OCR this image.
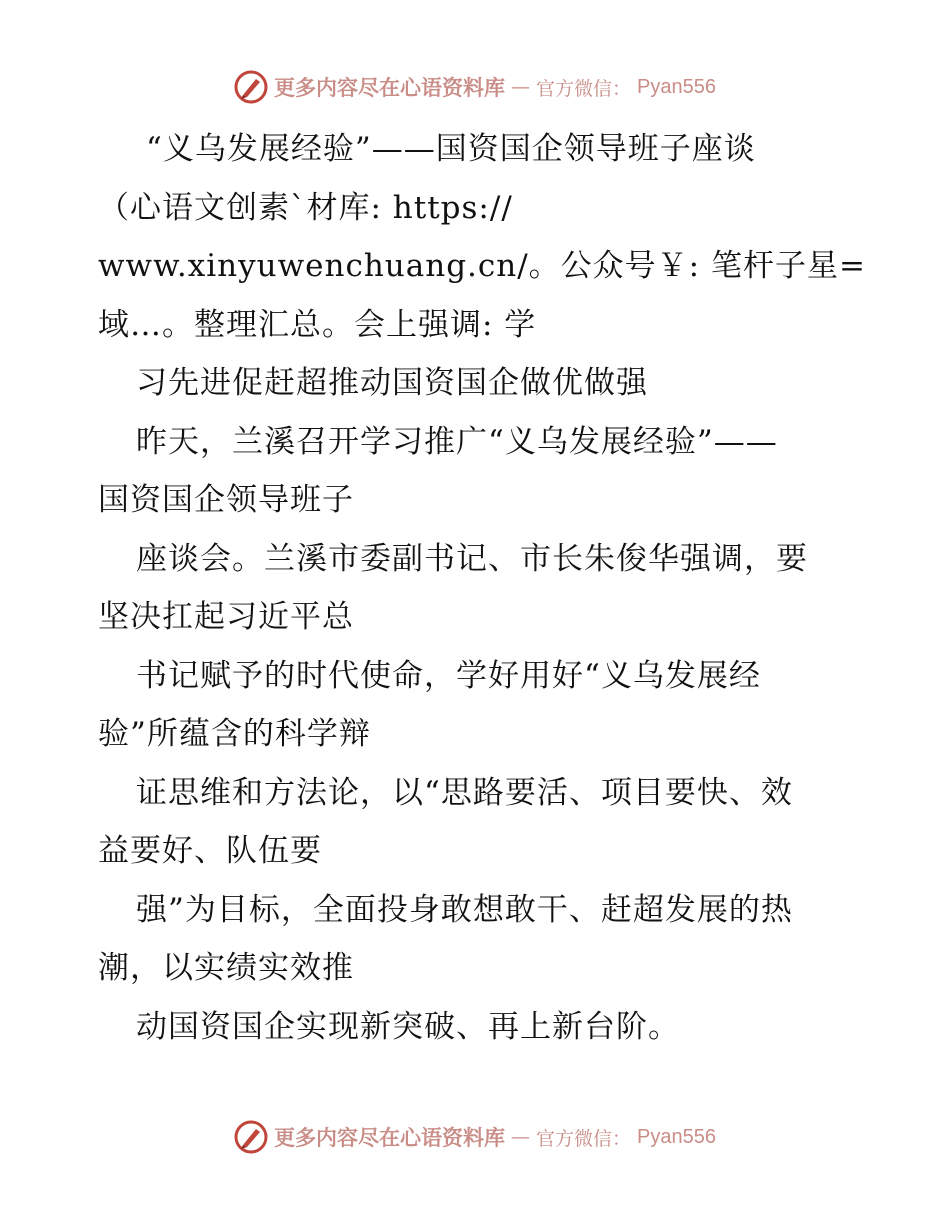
更多内容尽在心语资料库 — 官方微信： Pyan556
“义乌发展经验”——国资国企领导班子座谈
（心语文创素`材库: https://
www.xinyuwenchuang.cn/。公众号￥: 笔杆子星=
域…。整理汇总。会上强调: 学
习先进促赶超推动国资国企做优做强
昨天，兰溪召开学习推广“义乌发展经验”——
国资国企领导班子
座谈会。兰溪市委副书记、市长朱俊华强调，要
坚决扛起习近平总
书记赋予的时代使命，学好用好“义乌发展经
验”所蕴含的科学辩
证思维和方法论，以“思路要活、项目要快、效
益要好、队伍要
强”为目标，全面投身敢想敢干、赶超发展的热
潮，以实绩实效推
动国资国企实现新突破、再上新台阶。
更多内容尽在心语资料库 — 官方微信： Pyan556
